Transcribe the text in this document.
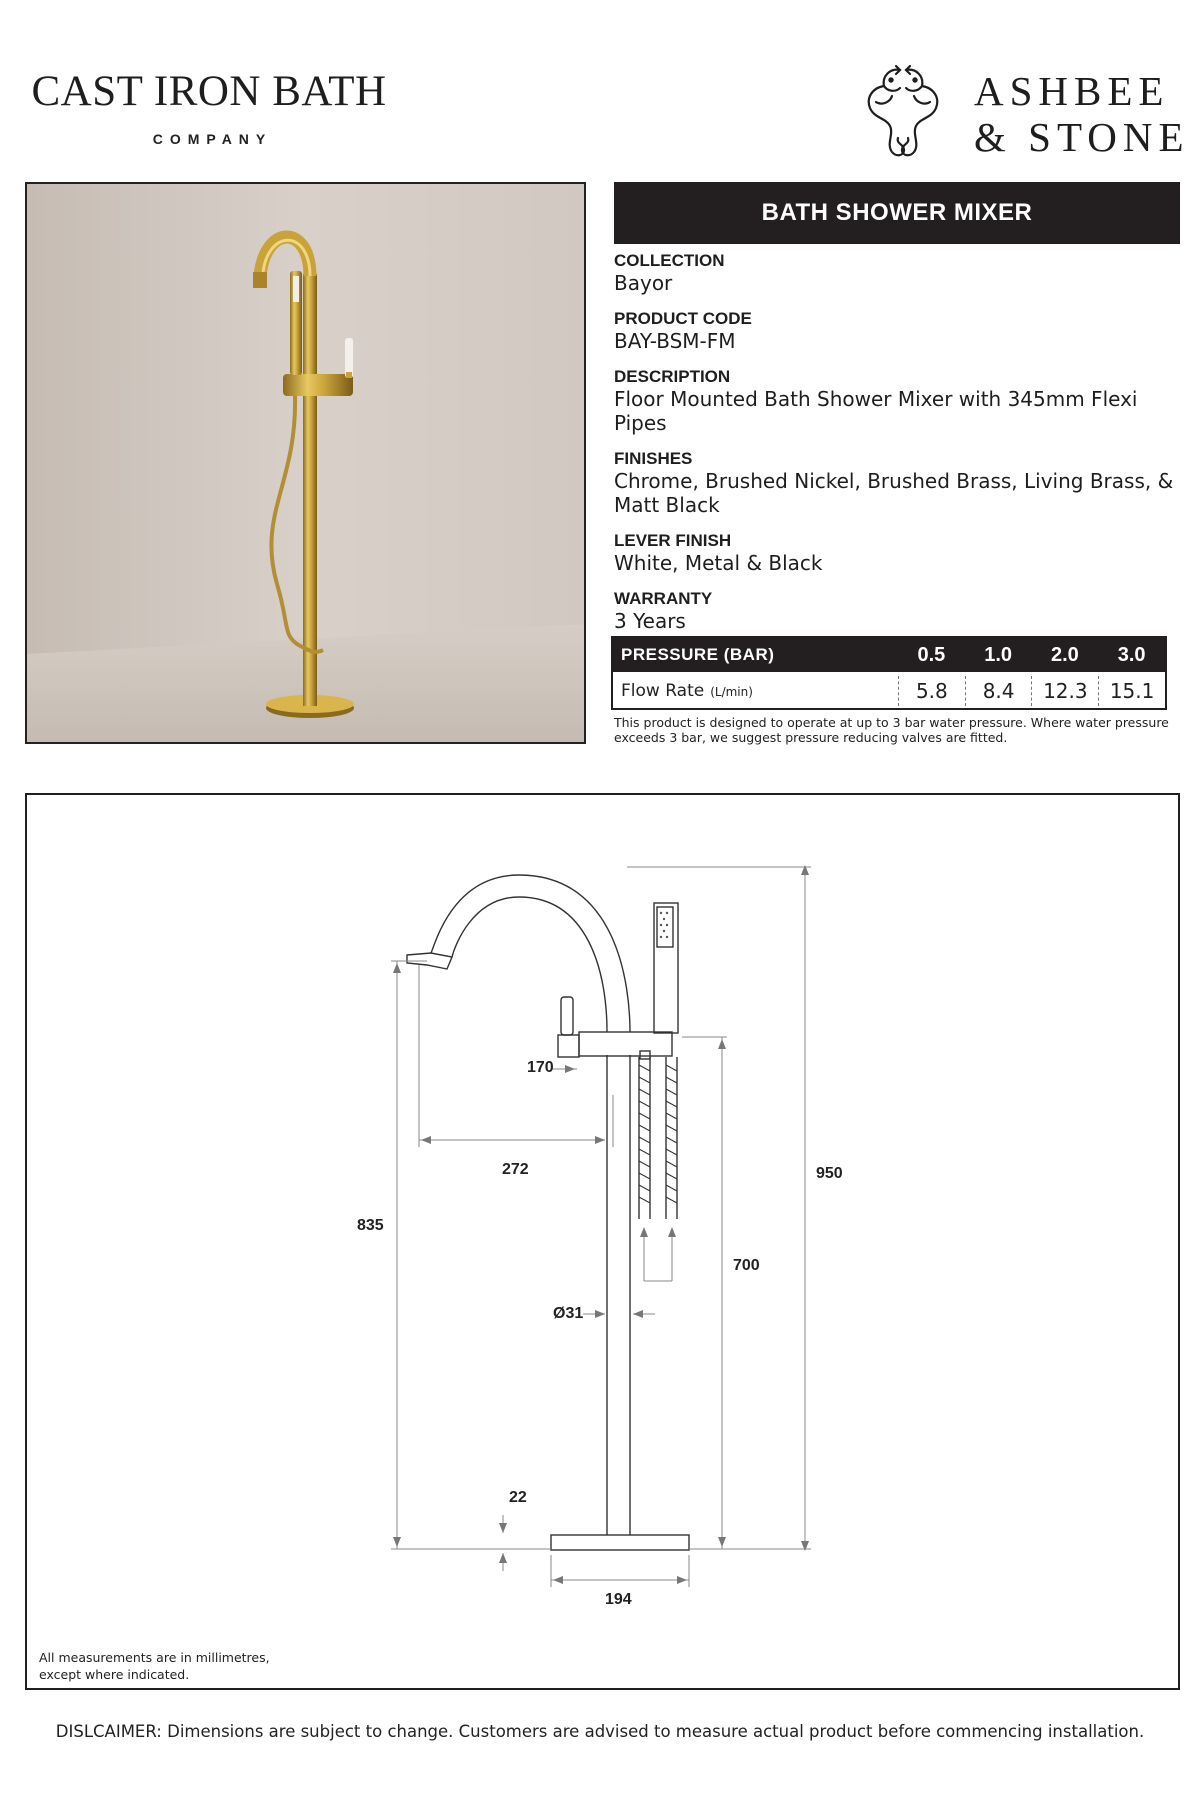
CAST IRON BATH
COMPANY
ASHBEE
& STONE
BATH SHOWER MIXER
COLLECTION
Bayor
PRODUCT CODE
BAY-BSM-FM
DESCRIPTION
Floor Mounted Bath Shower Mixer with 345mm Flexi Pipes
FINISHES
Chrome, Brushed Nickel, Brushed Brass, Living Brass, & Matt Black
LEVER FINISH
White, Metal & Black
WARRANTY
3 Years
PRESSURE (BAR)	0.5	1.0	2.0	3.0
Flow Rate (L/min)	5.8	8.4	12.3	15.1
This product is designed to operate at up to 3 bar water pressure. Where water pressure exceeds 3 bar, we suggest pressure reducing valves are fitted.
170
272	950
835
700
Ø31
22
194
All measurements are in millimetres,
except where indicated.
DISLCAIMER: Dimensions are subject to change. Customers are advised to measure actual product before commencing installation.
